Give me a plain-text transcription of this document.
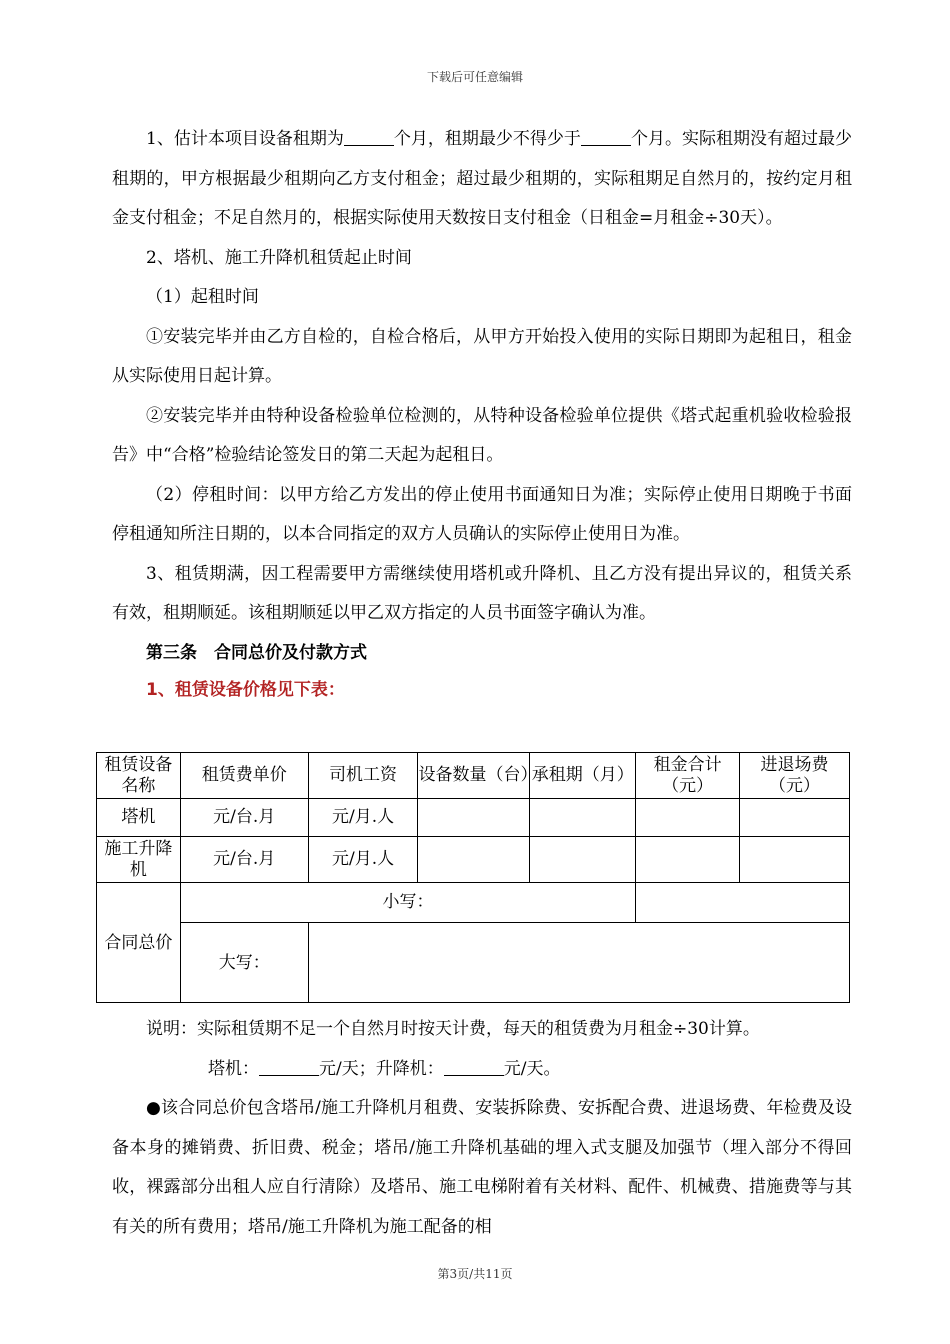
下载后可任意编辑

1、估计本项目设备租期为	个月，租期最少不得少于	个月。实际租期没有超过最少租期的，甲方根据最少租期向乙方支付租金；超过最少租期的，实际租期足自然月的，按约定月租金支付租金；不足自然月的，根据实际使用天数按日支付租金（日租金=月租金÷30天）。

2、塔机、施工升降机租赁起止时间

（1）起租时间

①安装完毕并由乙方自检的，自检合格后，从甲方开始投入使用的实际日期即为起租日，租金从实际使用日起计算。

②安装完毕并由特种设备检验单位检测的，从特种设备检验单位提供《塔式起重机验收检验报告》中“合格”检验结论签发日的第二天起为起租日。

（2）停租时间：以甲方给乙方发出的停止使用书面通知日为准；实际停止使用日期晚于书面停租通知所注日期的，以本合同指定的双方人员确认的实际停止使用日为准。

3、租赁期满，因工程需要甲方需继续使用塔机或升降机、且乙方没有提出异议的，租赁关系有效，租期顺延。该租期顺延以甲乙双方指定的人员书面签字确认为准。

第三条　合同总价及付款方式

1、租赁设备价格见下表：

租赁设备名称	租赁费单价	司机工资	设备数量（台）	承租期（月）	租金合计（元）	进退场费（元）
塔机	元/台.月	元/月.人				
施工升降机	元/台.月	元/月.人				
合同总价	小写：					
	大写：					

说明：实际租赁期不足一个自然月时按天计费，每天的租赁费为月租金÷30计算。

塔机：	元/天；升降机：	元/天。

●该合同总价包含塔吊/施工升降机月租费、安装拆除费、安拆配合费、进退场费、年检费及设备本身的摊销费、折旧费、税金；塔吊/施工升降机基础的埋入式支腿及加强节（埋入部分不得回收，裸露部分出租人应自行清除）及塔吊、施工电梯附着有关材料、配件、机械费、措施费等与其有关的所有费用；塔吊/施工升降机为施工配备的相

第3页/共11页
